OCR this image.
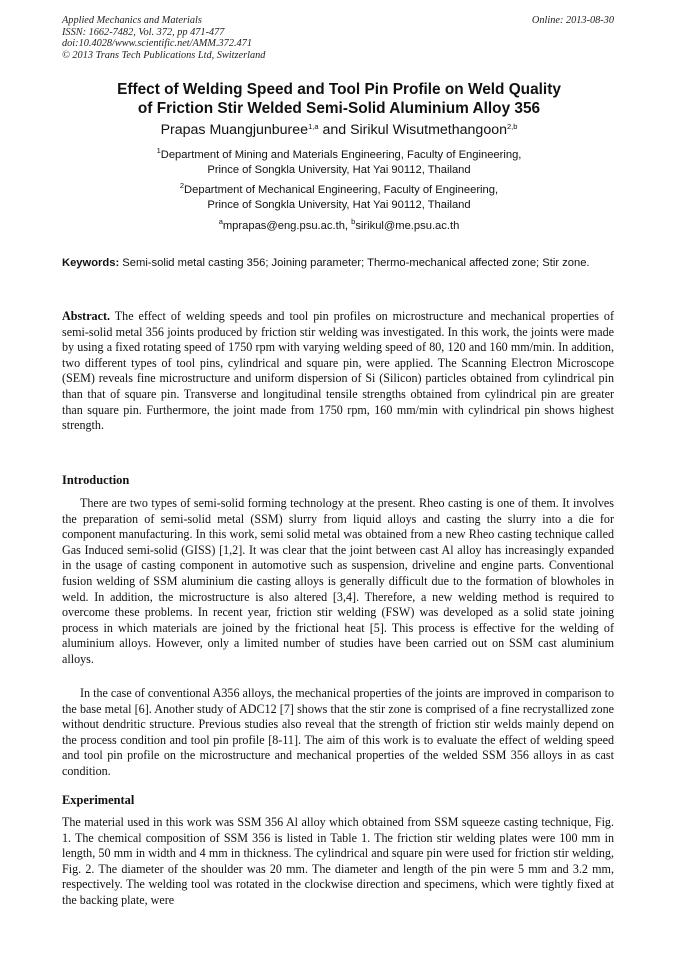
Applied Mechanics and Materials
ISSN: 1662-7482, Vol. 372, pp 471-477
doi:10.4028/www.scientific.net/AMM.372.471
© 2013 Trans Tech Publications Ltd, Switzerland
Online: 2013-08-30
Effect of Welding Speed and Tool Pin Profile on Weld Quality
of Friction Stir Welded Semi-Solid Aluminium Alloy 356
Prapas Muangjunburee$^{1,a}$ and Sirikul Wisutmethangoon$^{2,b}$
$^1$Department of Mining and Materials Engineering, Faculty of Engineering,
Prince of Songkla University, Hat Yai 90112, Thailand
$^2$Department of Mechanical Engineering, Faculty of Engineering,
Prince of Songkla University, Hat Yai 90112, Thailand
$^a$mprapas@eng.psu.ac.th, $^b$sirikul@me.psu.ac.th
Keywords: Semi-solid metal casting 356; Joining parameter; Thermo-mechanical affected zone; Stir zone.
Abstract. The effect of welding speeds and tool pin profiles on microstructure and mechanical properties of semi-solid metal 356 joints produced by friction stir welding was investigated. In this work, the joints were made by using a fixed rotating speed of 1750 rpm with varying welding speed of 80, 120 and 160 mm/min. In addition, two different types of tool pins, cylindrical and square pin, were applied. The Scanning Electron Microscope (SEM) reveals fine microstructure and uniform dispersion of Si (Silicon) particles obtained from cylindrical pin than that of square pin. Transverse and longitudinal tensile strengths obtained from cylindrical pin are greater than square pin. Furthermore, the joint made from 1750 rpm, 160 mm/min with cylindrical pin shows highest strength.
Introduction
There are two types of semi-solid forming technology at the present. Rheo casting is one of them. It involves the preparation of semi-solid metal (SSM) slurry from liquid alloys and casting the slurry into a die for component manufacturing. In this work, semi solid metal was obtained from a new Rheo casting technique called Gas Induced semi-solid (GISS) [1,2]. It was clear that the joint between cast Al alloy has increasingly expanded in the usage of casting component in automotive such as suspension, driveline and engine parts. Conventional fusion welding of SSM aluminium die casting alloys is generally difficult due to the formation of blowholes in weld. In addition, the microstructure is also altered [3,4]. Therefore, a new welding method is required to overcome these problems. In recent year, friction stir welding (FSW) was developed as a solid state joining process in which materials are joined by the frictional heat [5]. This process is effective for the welding of aluminium alloys. However, only a limited number of studies have been carried out on SSM cast aluminium alloys.
In the case of conventional A356 alloys, the mechanical properties of the joints are improved in comparison to the base metal [6]. Another study of ADC12 [7] shows that the stir zone is comprised of a fine recrystallized zone without dendritic structure. Previous studies also reveal that the strength of friction stir welds mainly depend on the process condition and tool pin profile [8-11]. The aim of this work is to evaluate the effect of welding speed and tool pin profile on the microstructure and mechanical properties of the welded SSM 356 alloys in as cast condition.
Experimental
The material used in this work was SSM 356 Al alloy which obtained from SSM squeeze casting technique, Fig. 1. The chemical composition of SSM 356 is listed in Table 1. The friction stir welding plates were 100 mm in length, 50 mm in width and 4 mm in thickness. The cylindrical and square pin were used for friction stir welding, Fig. 2. The diameter of the shoulder was 20 mm. The diameter and length of the pin were 5 mm and 3.2 mm, respectively. The welding tool was rotated in the clockwise direction and specimens, which were tightly fixed at the backing plate, were
